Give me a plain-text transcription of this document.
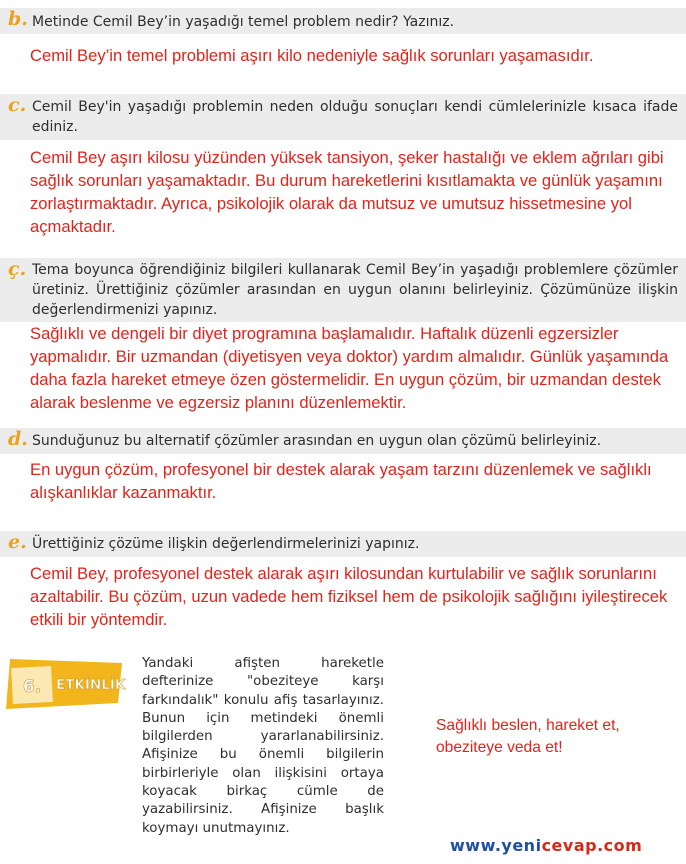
b. Metinde Cemil Bey’in yaşadığı temel problem nedir? Yazınız.
Cemil Bey’in temel problemi aşırı kilo nedeniyle sağlık sorunları yaşamasıdır.
c. Cemil Bey'in yaşadığı problemin neden olduğu sonuçları kendi cümlelerinizle kısaca ifade ediniz.
Cemil Bey aşırı kilosu yüzünden yüksek tansiyon, şeker hastalığı ve eklem ağrıları gibi sağlık sorunları yaşamaktadır. Bu durum hareketlerini kısıtlamakta ve günlük yaşamını zorlaştırmaktadır. Ayrıca, psikolojik olarak da mutsuz ve umutsuz hissetmesine yol açmaktadır.
ç. Tema boyunca öğrendiğiniz bilgileri kullanarak Cemil Bey’in yaşadığı problemlere çözümler üretiniz. Ürettiğiniz çözümler arasından en uygun olanını belirleyiniz. Çözümünüze ilişkin değerlendirmenizi yapınız.
Sağlıklı ve dengeli bir diyet programına başlamalıdır. Haftalık düzenli egzersizler yapmalıdır. Bir uzmandan (diyetisyen veya doktor) yardım almalıdır. Günlük yaşamında daha fazla hareket etmeye özen göstermelidir. En uygun çözüm, bir uzmandan destek alarak beslenme ve egzersiz planını düzenlemektir.
d. Sunduğunuz bu alternatif çözümler arasından en uygun olan çözümü belirleyiniz.
En uygun çözüm, profesyonel bir destek alarak yaşam tarzını düzenlemek ve sağlıklı alışkanlıklar kazanmaktır.
e. Ürettiğiniz çözüme ilişkin değerlendirmelerinizi yapınız.
Cemil Bey, profesyonel destek alarak aşırı kilosundan kurtulabilir ve sağlık sorunlarını azaltabilir. Bu çözüm, uzun vadede hem fiziksel hem de psikolojik sağlığını iyileştirecek etkili bir yöntemdir.
6. ETKİNLİK
Yandaki afişten hareketle defterinize "obeziteye karşı farkındalık" konulu afiş tasarlayınız. Bunun için metindeki önemli bilgilerden yararlanabilirsiniz. Afişinize bu önemli bilgilerin birbirleriyle olan ilişkisini ortaya koyacak birkaç cümle de yazabilirsiniz. Afişinize başlık koymayı unutmayınız.
Sağlıklı beslen, hareket et, obeziteye veda et!
www.yenicevap.com
